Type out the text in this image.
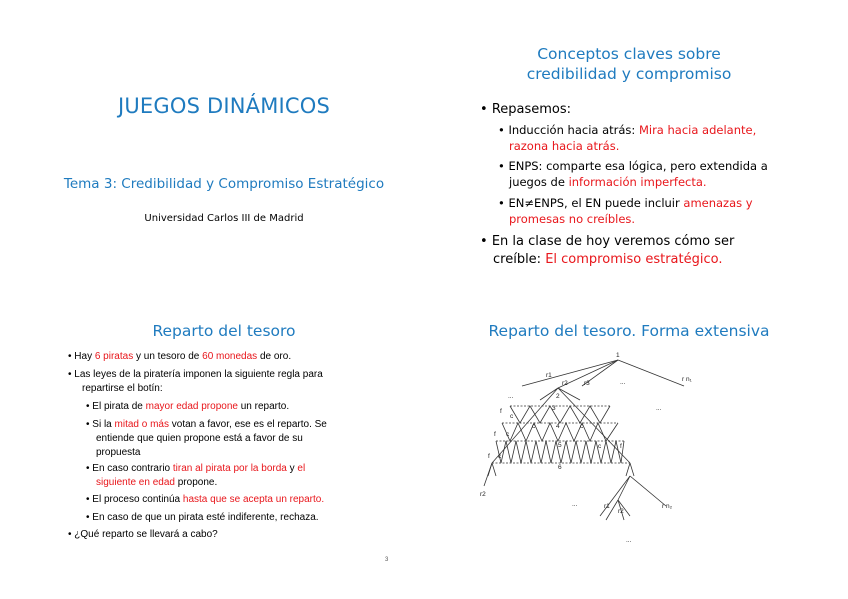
JUEGOS DINÁMICOS
Tema 3: Credibilidad y Compromiso Estratégico
Universidad Carlos III de Madrid
Conceptos claves sobre
credibilidad y compromiso
• Repasemos:
• Inducción hacia atrás: Mira hacia adelante,
razona hacia atrás.
• ENPS: comparte esa lógica, pero extendida a
juegos de información imperfecta.
• EN≠ENPS, el EN puede incluir amenazas y
promesas no creíbles.
• En la clase de hoy veremos cómo ser
creíble: El compromiso estratégico.
Reparto del tesoro
• Hay 6 piratas y un tesoro de 60 monedas de oro.
• Las leyes de la piratería imponen la siguiente regla para
repartirse el botín:
• El pirata de mayor edad propone un reparto.
• Si la mitad o más votan a favor, ese es el reparto. Se
entiende que quien propone está a favor de su
propuesta
• En caso contrario tiran al pirata por la borda y el
siguiente en edad propone.
• El proceso continúa hasta que se acepta un reparto.
• En caso de que un pirata esté indiferente, rechaza.
• ¿Qué reparto se llevará a cabo?
Reparto del tesoro. Forma extensiva
1
r1
r2 r3
r n₁
...
...
...
2
3
4
5
6
f
c
f c
f c
c	c
c	f
r2
...	r1
r2
r n₂
...
3
